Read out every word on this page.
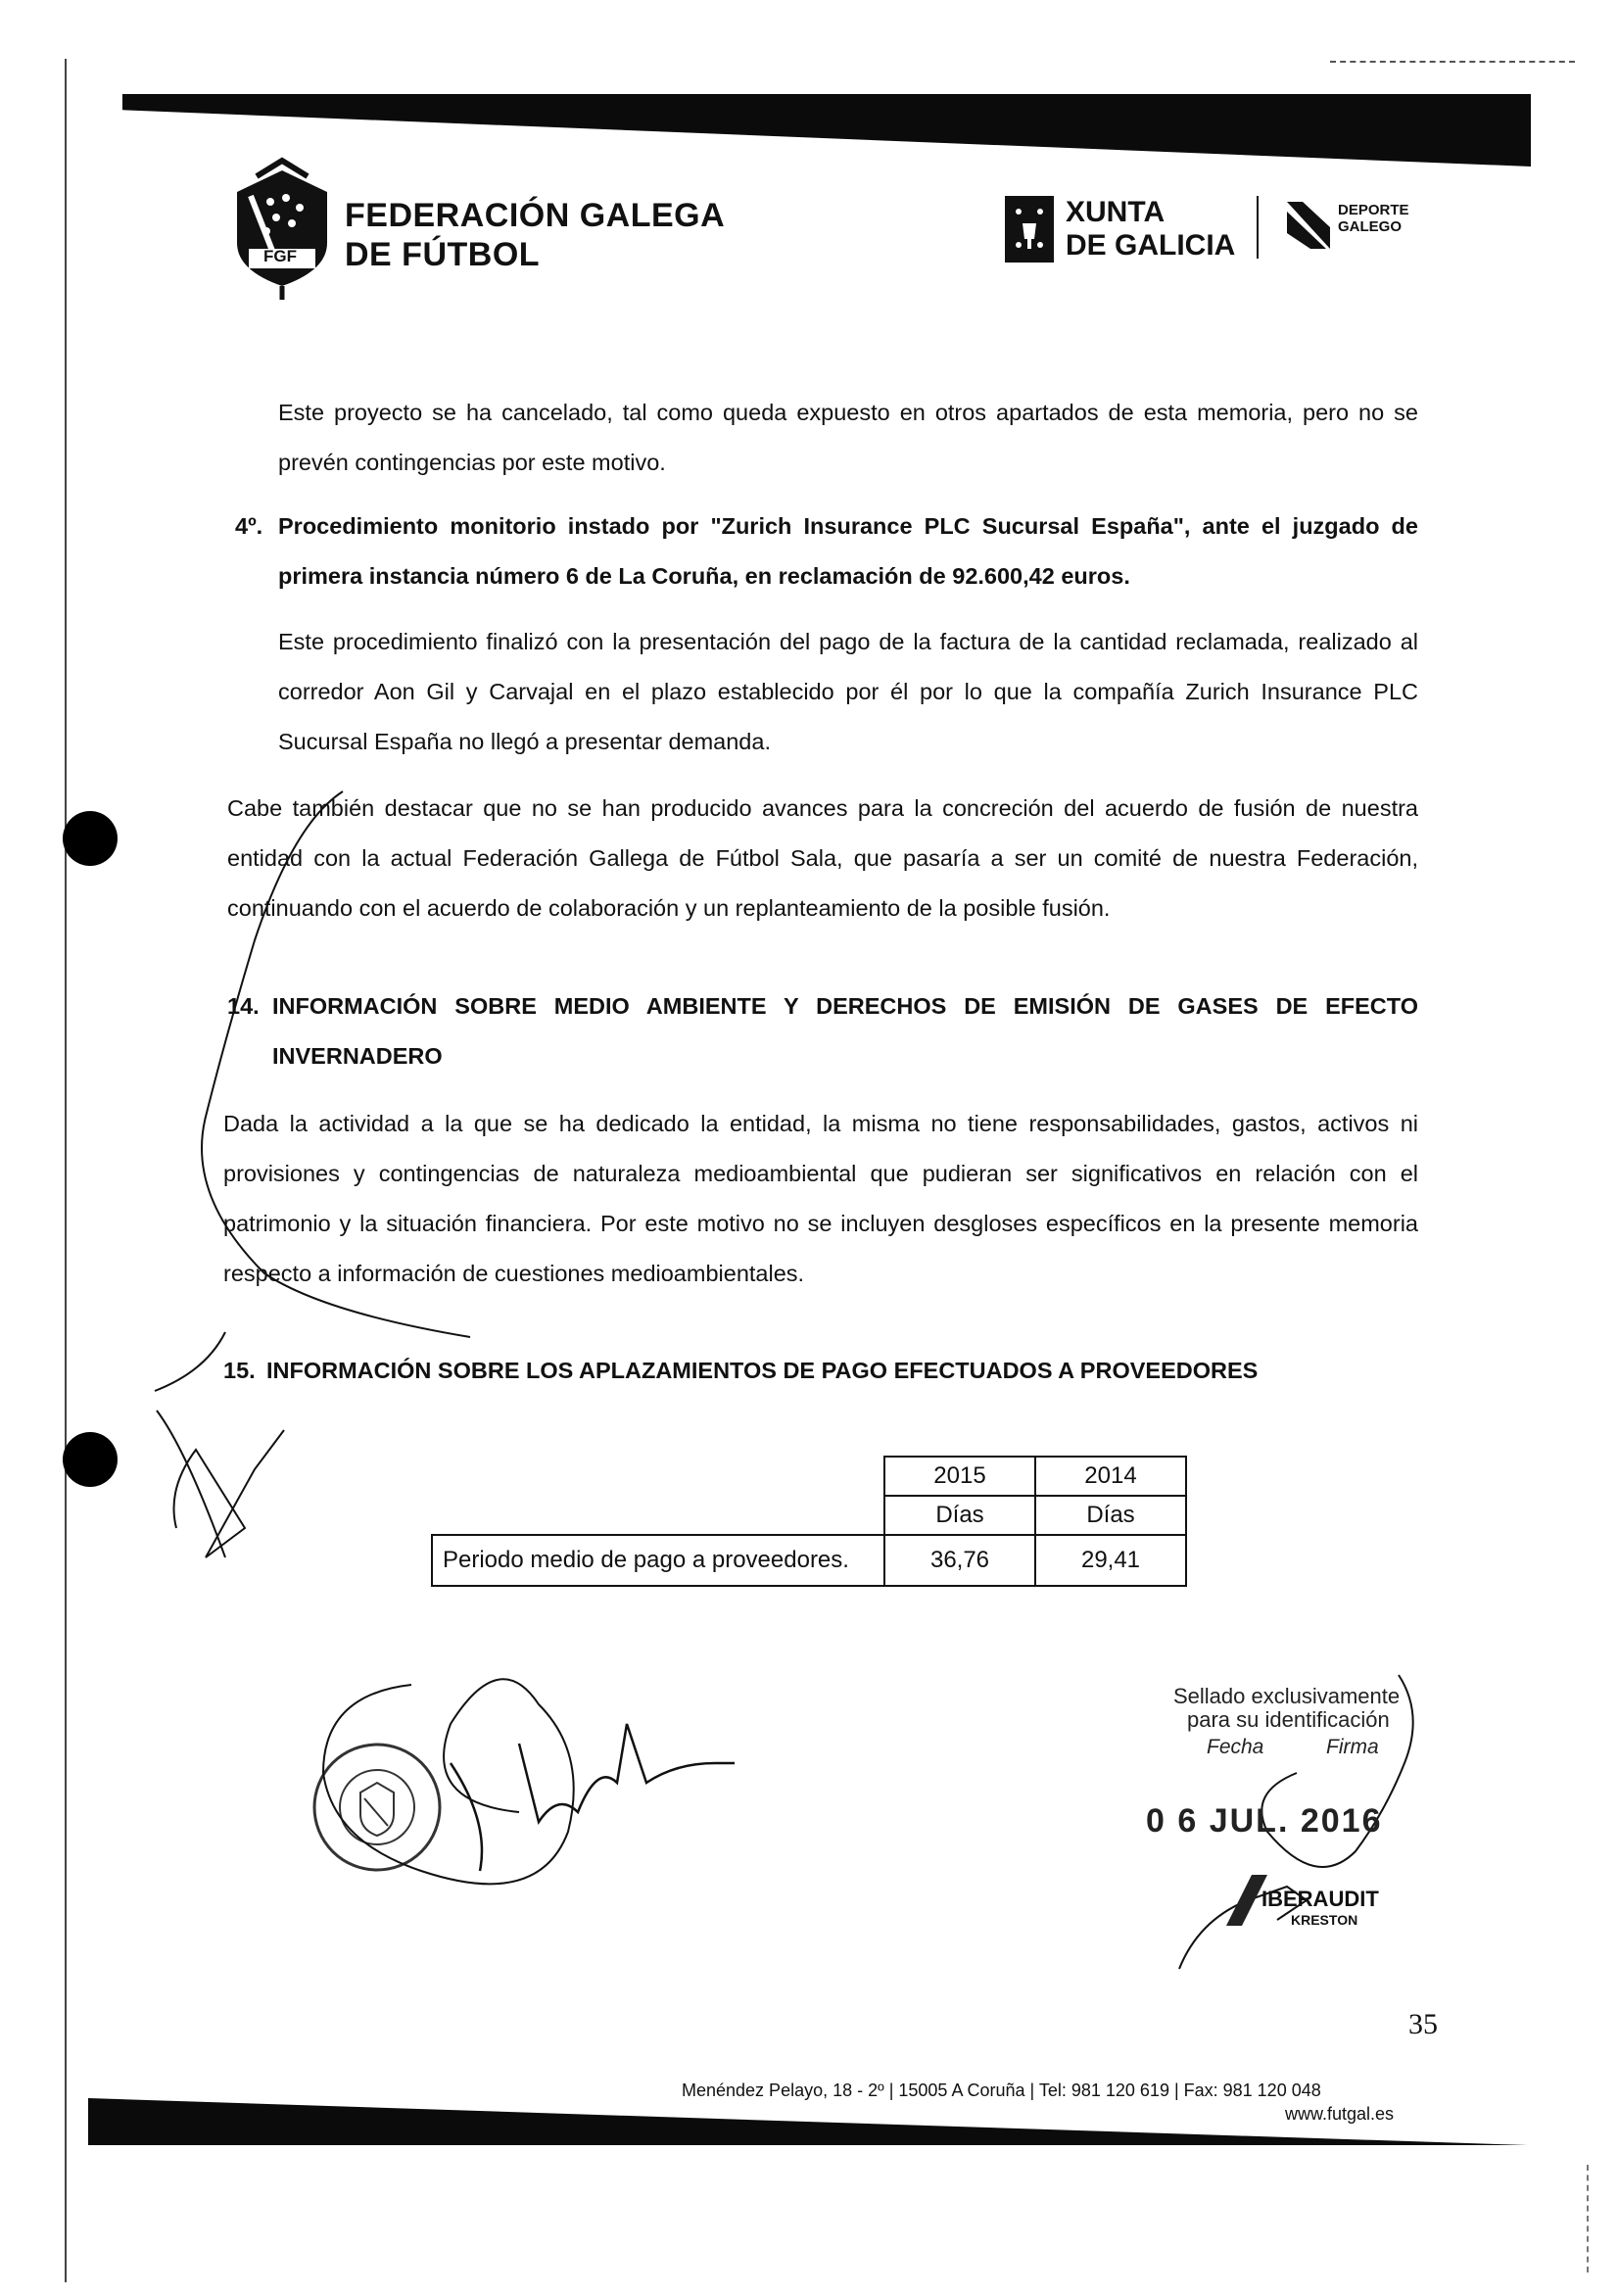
FGF
FEDERACIÓN GALEGA
DE FÚTBOL
XUNTA
DE GALICIA
DEPORTE
GALEGO

Este proyecto se ha cancelado, tal como queda expuesto en otros apartados de esta memoria, pero no se prevén contingencias por este motivo.

4º. Procedimiento monitorio instado por "Zurich Insurance PLC Sucursal España", ante el juzgado de primera instancia número 6 de La Coruña, en reclamación de 92.600,42 euros.

Este procedimiento finalizó con la presentación del pago de la factura de la cantidad reclamada, realizado al corredor Aon Gil y Carvajal en el plazo establecido por él por lo que la compañía Zurich Insurance PLC Sucursal España no llegó a presentar demanda.

Cabe también destacar que no se han producido avances para la concreción del acuerdo de fusión de nuestra entidad con la actual Federación Gallega de Fútbol Sala, que pasaría a ser un comité de nuestra Federación, continuando con el acuerdo de colaboración y un replanteamiento de la posible fusión.

14. INFORMACIÓN SOBRE MEDIO AMBIENTE Y DERECHOS DE EMISIÓN DE GASES DE EFECTO INVERNADERO

Dada la actividad a la que se ha dedicado la entidad, la misma no tiene responsabilidades, gastos, activos ni provisiones y contingencias de naturaleza medioambiental que pudieran ser significativos en relación con el patrimonio y la situación financiera. Por este motivo no se incluyen desgloses específicos en la presente memoria respecto a información de cuestiones medioambientales.

15. INFORMACIÓN SOBRE LOS APLAZAMIENTOS DE PAGO EFECTUADOS A PROVEEDORES
	2015	2014
	Días	Días
Periodo medio de pago a proveedores.	36,76	29,41
Sellado exclusivamente
para su identificación
Fecha	Firma
0 6 JUL. 2016
IBERAUDIT
KRESTON
35
Menéndez Pelayo, 18 - 2º | 15005 A Coruña | Tel: 981 120 619 | Fax: 981 120 048
www.futgal.es
